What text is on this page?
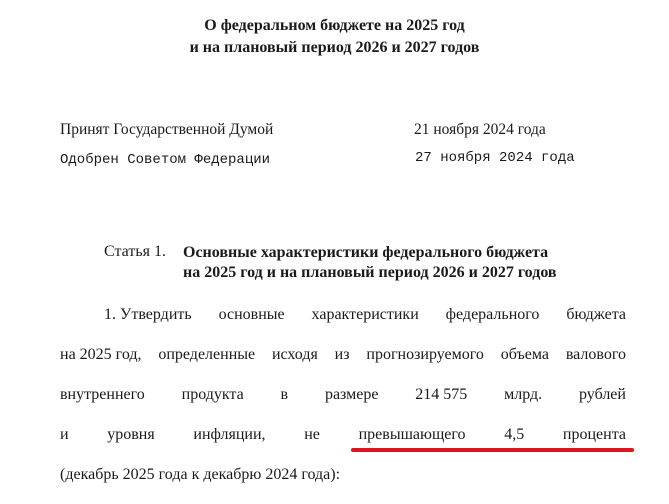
О федеральном бюджете на 2025 год
и на плановый период 2026 и 2027 годов
Принят Государственной Думой	21 ноября 2024 года
Одобрен Советом Федерации	27 ноября 2024 года
Статья 1. Основные характеристики федерального бюджета
на 2025 год и на плановый период 2026 и 2027 годов
1. Утвердить основные характеристики федерального бюджета
на 2025 год, определенные исходя из прогнозируемого объема валового
внутреннего продукта в размере 214 575 млрд. рублей
и уровня инфляции, не превышающего 4,5 процента
(декабрь 2025 года к декабрю 2024 года):
